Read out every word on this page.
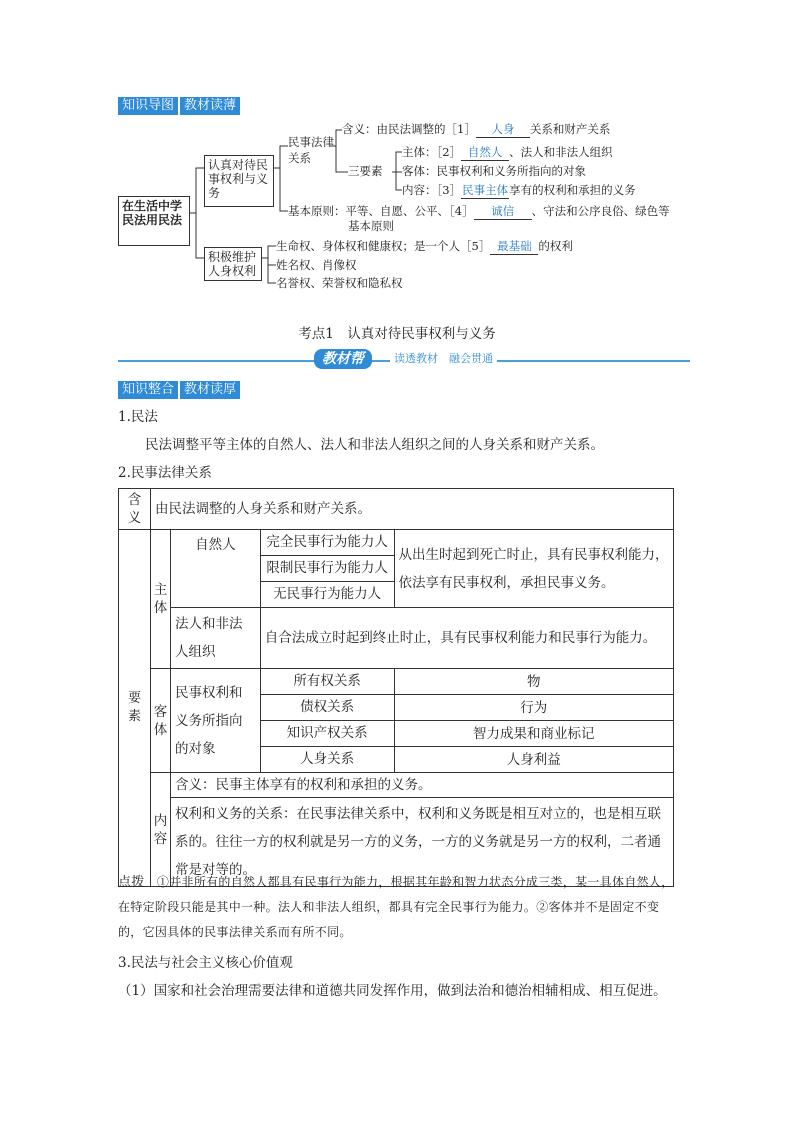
知识导图 教材读薄
在生活中学民法用民法
认真对待民事权利与义务
积极维护人身权利
民事法律关系
含义：由民法调整的［1］ 人身 关系和财产关系
三要素
主体：［2］ 自然人 、法人和非法人组织
客体：民事权利和义务所指向的对象
内容：［3］民事主体享有的权利和承担的义务
基本原则：平等、自愿、公平、［4］ 诚信 、守法和公序良俗、绿色等
基本原则
生命权、身体权和健康权；是一个人［5］ 最基础 的权利
姓名权、肖像权
名誉权、荣誉权和隐私权
考点1　认真对待民事权利与义务
教材帮	读透教材　融会贯通
知识整合 教材读厚
1.民法
民法调整平等主体的自然人、法人和非法人组织之间的人身关系和财产关系。
2.民事法律关系
含义	由民法调整的人身关系和财产关系。			
要素	主体	自然人	完全民事行为能力人	从出生时起到死亡时止，具有民事权利能力，依法享有民事权利，承担民事义务。
			限制民事行为能力人	
			无民事行为能力人	
		法人和非法人组织	自合法成立时起到终止时止，具有民事权利能力和民事行为能力。	
	客体	民事权利和义务所指向的对象	所有权关系	物
			债权关系	行为
			知识产权关系	智力成果和商业标记
			人身关系	人身利益
	内容	含义：民事主体享有的权利和承担的义务。		
		权利和义务的关系：在民事法律关系中，权利和义务既是相互对立的，也是相互联系的。往往一方的权利就是另一方的义务，一方的义务就是另一方的权利，二者通常是对等的。		
点拨　 ①并非所有的自然人都具有民事行为能力，根据其年龄和智力状态分成三类，某一具体自然人，在特定阶段只能是其中一种。法人和非法人组织，都具有完全民事行为能力。②客体并不是固定不变的，它因具体的民事法律关系而有所不同。
3.民法与社会主义核心价值观
（1）国家和社会治理需要法律和道德共同发挥作用，做到法治和德治相辅相成、相互促进。
